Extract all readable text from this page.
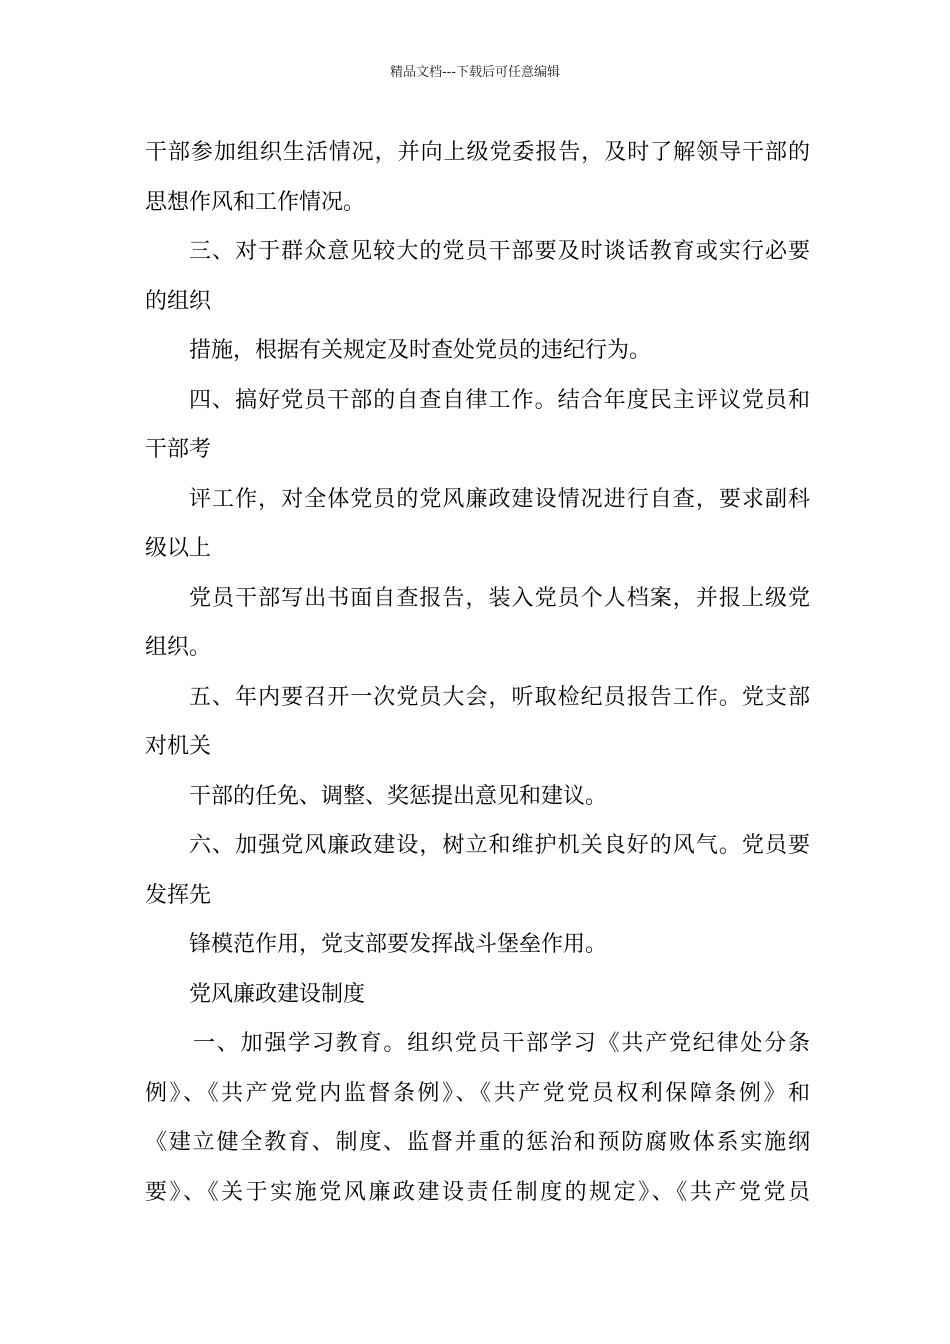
精品文档---下载后可任意编辑
干部参加组织生活情况，并向上级党委报告，及时了解领导干部的
思想作风和工作情况。
三、对于群众意见较大的党员干部要及时谈话教育或实行必要
的组织
措施，根据有关规定及时查处党员的违纪行为。
四、搞好党员干部的自查自律工作。结合年度民主评议党员和
干部考
评工作，对全体党员的党风廉政建设情况进行自查，要求副科
级以上
党员干部写出书面自查报告，装入党员个人档案，并报上级党
组织。
五、年内要召开一次党员大会，听取检纪员报告工作。党支部
对机关
干部的任免、调整、奖惩提出意见和建议。
六、加强党风廉政建设，树立和维护机关良好的风气。党员要
发挥先
锋模范作用，党支部要发挥战斗堡垒作用。
党风廉政建设制度
一、加强学习教育。组织党员干部学习《共产党纪律处分条
例》、《共产党党内监督条例》、《共产党党员权利保障条例》和
《建立健全教育、制度、监督并重的惩治和预防腐败体系实施纲
要》、《关于实施党风廉政建设责任制度的规定》、《共产党党员
